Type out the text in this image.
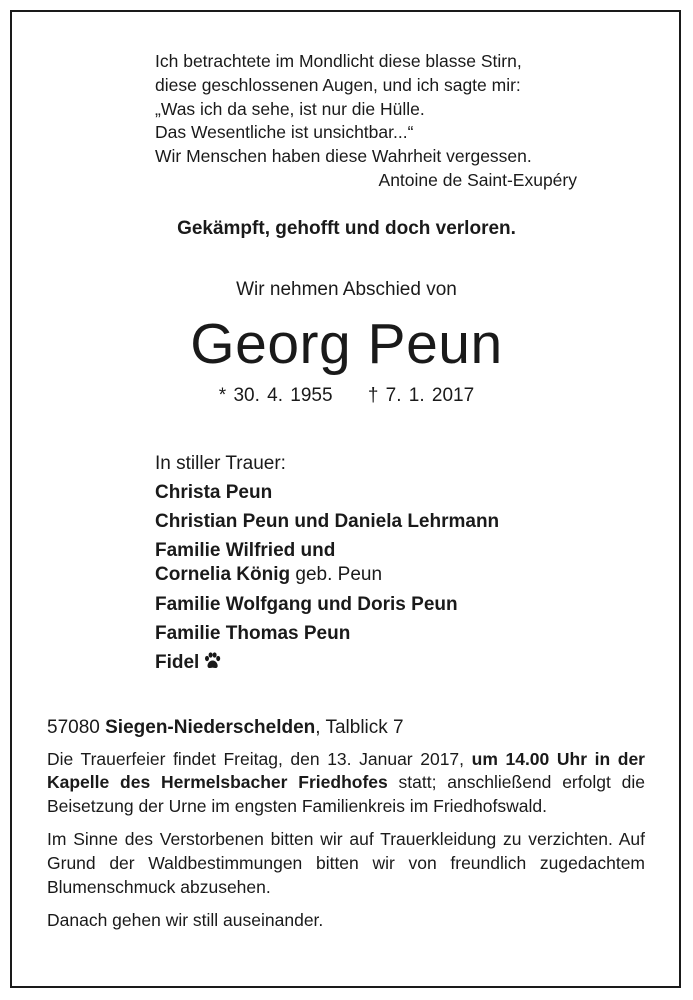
Ich betrachtete im Mondlicht diese blasse Stirn,
diese geschlossenen Augen, und ich sagte mir:
„Was ich da sehe, ist nur die Hülle.
Das Wesentliche ist unsichtbar...“
Wir Menschen haben diese Wahrheit vergessen.
Antoine de Saint-Exupéry
Gekämpft, gehofft und doch verloren.
Wir nehmen Abschied von
Georg Peun
* 30. 4. 1955 † 7. 1. 2017
In stiller Trauer:
Christa Peun
Christian Peun und Daniela Lehrmann
Familie Wilfried und
Cornelia König geb. Peun
Familie Wolfgang und Doris Peun
Familie Thomas Peun
Fidel

57080 Siegen-Niederschelden, Talblick 7

Die Trauerfeier findet Freitag, den 13. Januar 2017, um 14.00 Uhr in der Kapelle des Hermelsbacher Friedhofes statt; anschließend erfolgt die Beisetzung der Urne im engsten Familienkreis im Friedhofswald.

Im Sinne des Verstorbenen bitten wir auf Trauerkleidung zu verzichten. Auf Grund der Waldbestimmungen bitten wir von freundlich zugedachtem Blumenschmuck abzusehen.

Danach gehen wir still auseinander.
